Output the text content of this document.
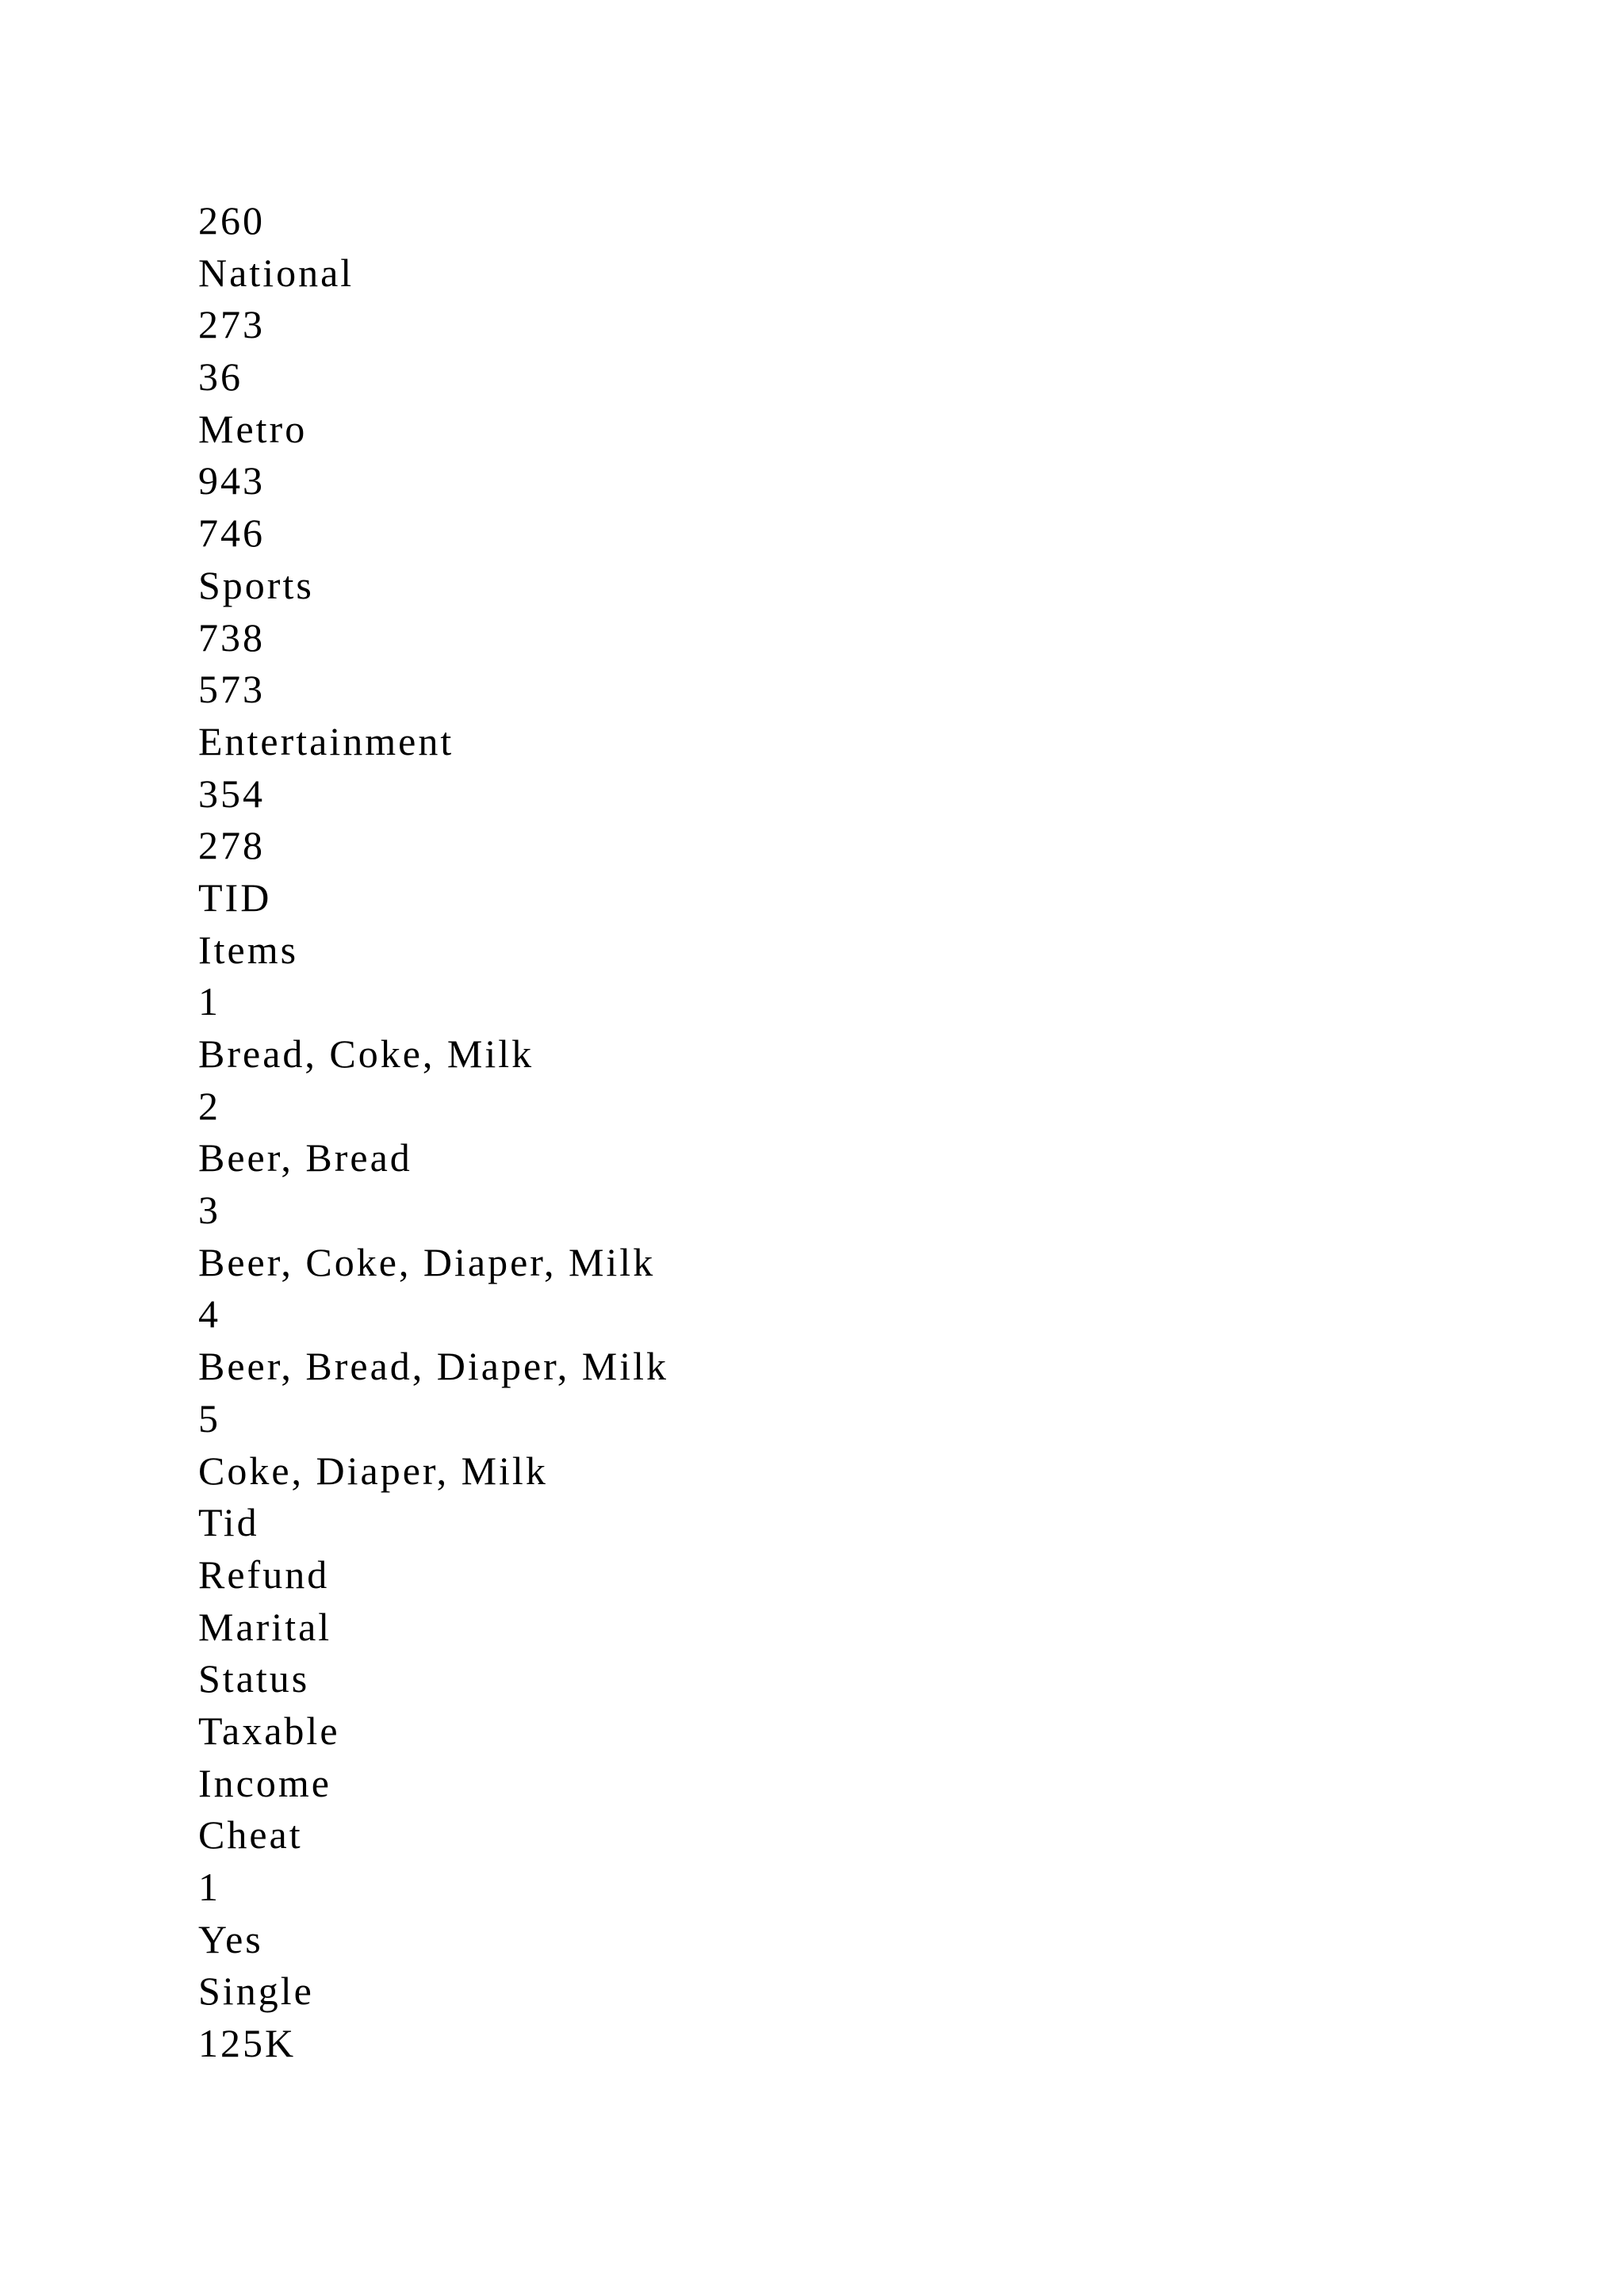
260
National
273
36
Metro
943
746
Sports
738
573
Entertainment
354
278
TID
Items
1
Bread, Coke, Milk
2
Beer, Bread
3
Beer, Coke, Diaper, Milk
4
Beer, Bread, Diaper, Milk
5
Coke, Diaper, Milk
Tid
Refund
Marital
Status
Taxable
Income
Cheat
1
Yes
Single
125K
